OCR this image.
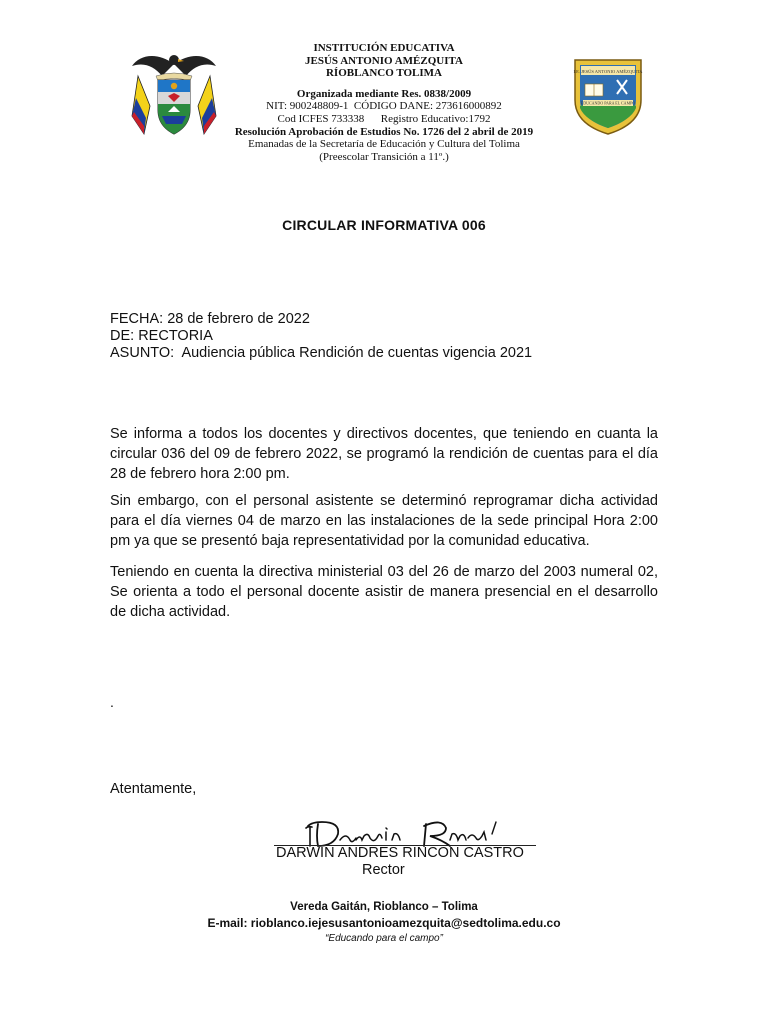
INSTITUCIÓN EDUCATIVA
JESÚS ANTONIO AMÉZQUITA
RÍOBLANCO TOLIMA
Organizada mediante Res. 0838/2009
NIT: 900248809-1  CÓDIGO DANE: 273616000892
Cod ICFES 733338      Registro Educativo:1792
Resolución Aprobación de Estudios No. 1726 del 2 abril de 2019
Emanadas de la Secretaría de Educación y Cultura del Tolima
(Preescolar Transición a 11º.)
I.E. JESÚS ANTONIO AMÉZQUITA
EDUCANDO PARA EL CAMPO
CIRCULAR INFORMATIVA 006
FECHA: 28 de febrero de 2022
DE: RECTORIA
ASUNTO:  Audiencia pública Rendición de cuentas vigencia 2021
Se informa a todos los docentes y directivos docentes, que teniendo en cuanta la circular 036 del 09 de febrero 2022, se programó la rendición de cuentas para el día 28 de febrero hora 2:00 pm.
Sin embargo, con el personal asistente se determinó reprogramar dicha actividad para el día viernes 04 de marzo en las instalaciones de la sede principal Hora 2:00 pm ya que se presentó baja representatividad por la comunidad educativa.
Teniendo en cuenta la directiva ministerial 03 del 26 de marzo del 2003 numeral 02, Se orienta a todo el personal docente asistir de manera presencial en el desarrollo de dicha actividad.
.
Atentamente,
DARWIN ANDRES RINCON CASTRO
Rector
Vereda Gaitán, Rioblanco – Tolima
E-mail: rioblanco.iejesusantonioamezquita@sedtolima.edu.co
“Educando para el campo”
